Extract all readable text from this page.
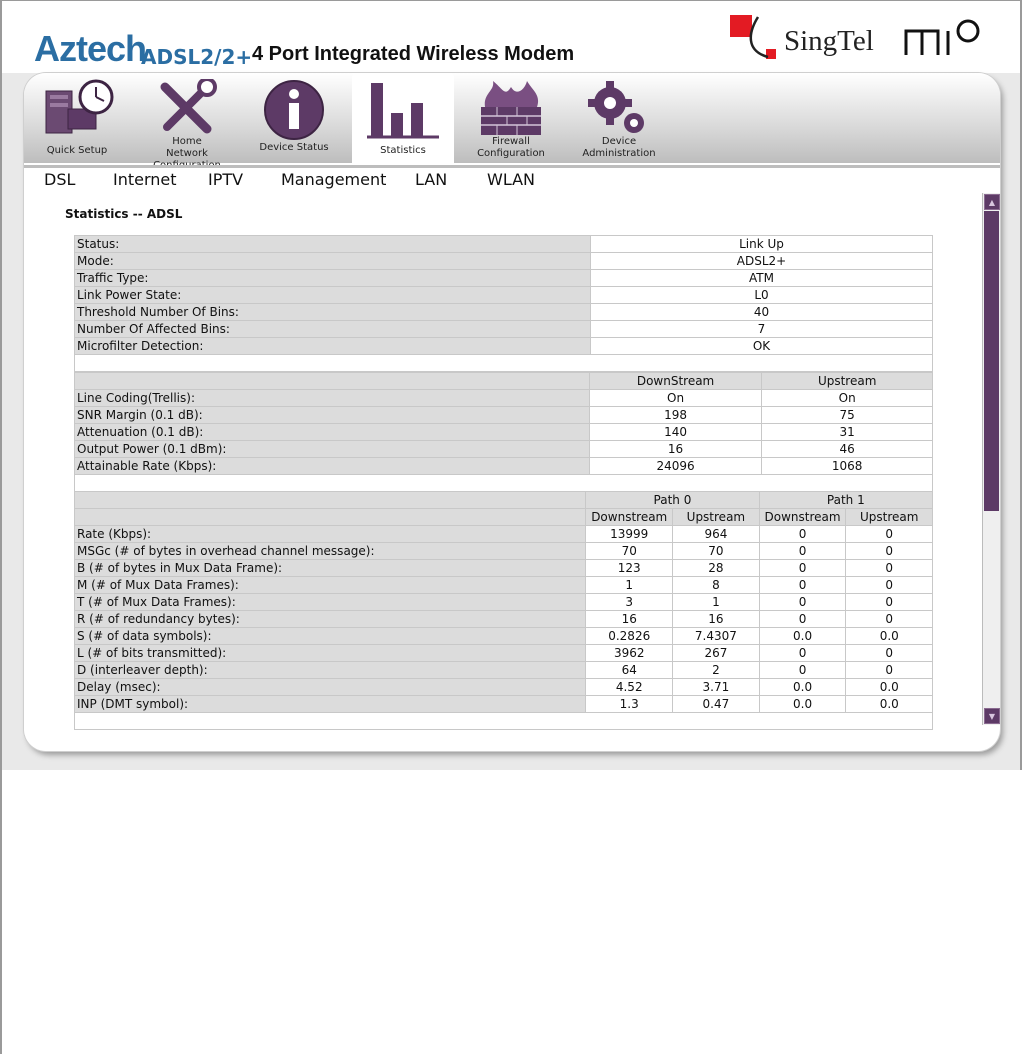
Aztech
ADSL2/2+ 4 Port Integrated Wireless Modem	SingTel
Quick Setup
Home Network
Device Status	Statistics
Firewall Configuration
Device Administration
DSL Internet IPTV Management LAN WLAN
Statistics -- ADSL
Status:	Link Up
Mode:	ADSL2+
Traffic Type:	ATM
Link Power State:	L0
Threshold Number Of Bins:	40
Number Of Affected Bins:	7
Microfilter Detection:	OK

	DownStream	Upstream
Line Coding(Trellis):	On	On
SNR Margin (0.1 dB):	198	75
Attenuation (0.1 dB):	140	31
Output Power (0.1 dBm):	16	46
Attainable Rate (Kbps):	24096	1068

	Path 0		Path 1	
	Downstream	Upstream	Downstream	Upstream
Rate (Kbps):	13999	964	0	0
MSGc (# of bytes in overhead channel message):	70	70	0	0
B (# of bytes in Mux Data Frame):	123	28	0	0
M (# of Mux Data Frames):	1	8	0	0
T (# of Mux Data Frames):	3	1	0	0
R (# of redundancy bytes):	16	16	0	0
S (# of data symbols):	0.2826	7.4307	0.0	0.0
L (# of bits transmitted):	3962	267	0	0
D (interleaver depth):	64	2	0	0
Delay (msec):	4.52	3.71	0.0	0.0
INP (DMT symbol):	1.3	0.47	0.0	0.0

▲
▼
